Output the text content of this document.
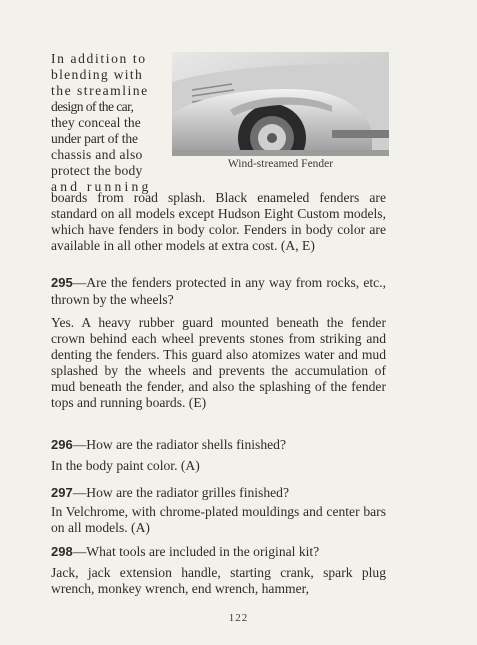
Wind-streamed Fender
In addition to
blending with
the streamline
design of the car,
they conceal the
under part of the
chassis and also
protect the body
and running
boards from road splash. Black enameled fenders are standard on all models except Hudson Eight Custom models, which have fenders in body color. Fenders in body color are available in all other models at extra cost. (A, E)
295—Are the fenders protected in any way from rocks, etc., thrown by the wheels?
Yes. A heavy rubber guard mounted beneath the fender crown behind each wheel prevents stones from striking and denting the fenders. This guard also atomizes water and mud splashed by the wheels and prevents the accumulation of mud beneath the fender, and also the splashing of the fender tops and running boards. (E)
296—How are the radiator shells finished?
In the body paint color. (A)
297—How are the radiator grilles finished?
In Velchrome, with chrome-plated mouldings and center bars on all models. (A)
298—What tools are included in the original kit?
Jack, jack extension handle, starting crank, spark plug wrench, monkey wrench, end wrench, hammer,
122
